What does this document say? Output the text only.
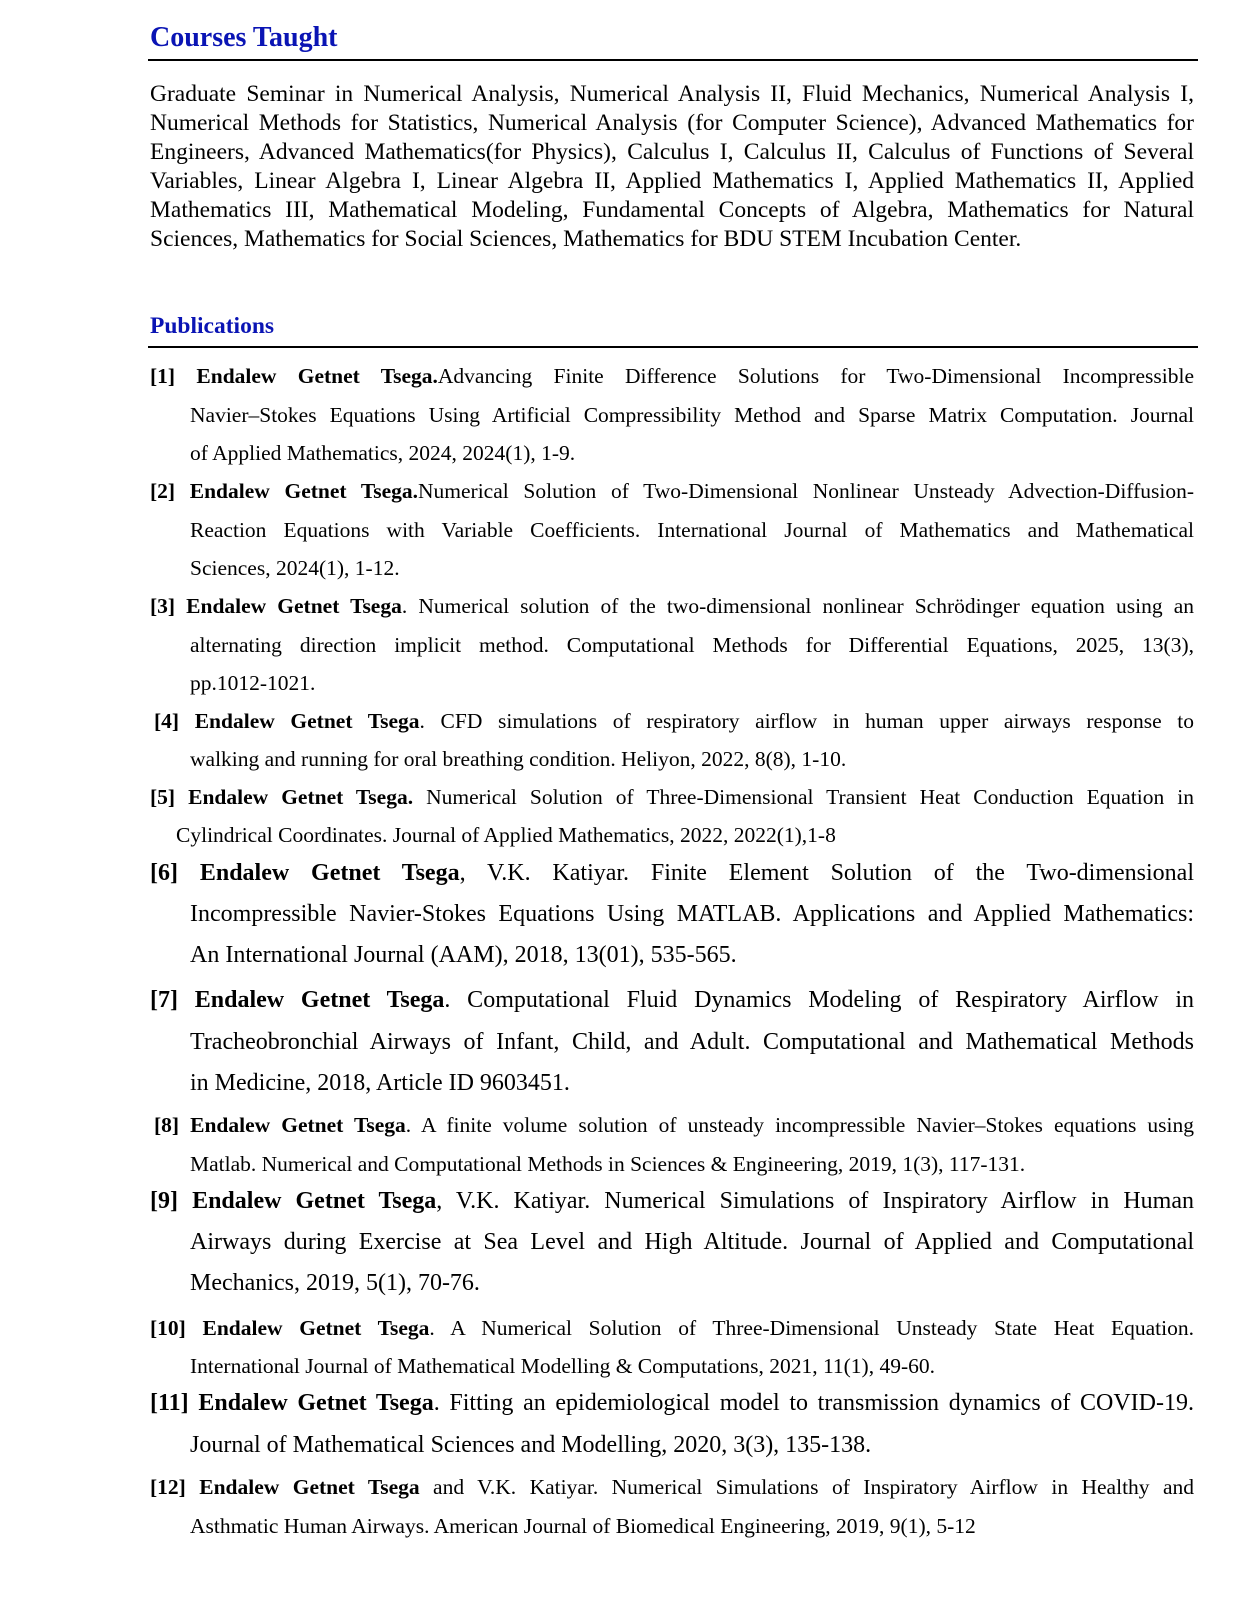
Courses Taught

Graduate Seminar in Numerical Analysis, Numerical Analysis II, Fluid Mechanics, Numerical Analysis I, Numerical Methods for Statistics, Numerical Analysis (for Computer Science), Advanced Mathematics for Engineers, Advanced Mathematics(for Physics), Calculus I, Calculus II, Calculus of Functions of Several Variables, Linear Algebra I, Linear Algebra II, Applied Mathematics I, Applied Mathematics II, Applied Mathematics III, Mathematical Modeling, Fundamental Concepts of Algebra, Mathematics for Natural Sciences, Mathematics for Social Sciences, Mathematics for BDU STEM Incubation Center.

Publications
[1] Endalew Getnet Tsega.Advancing Finite Difference Solutions for Two-Dimensional Incompressible
Navier–Stokes Equations Using Artificial Compressibility Method and Sparse Matrix Computation. Journal
of Applied Mathematics, 2024, 2024(1), 1-9.
[2] Endalew Getnet Tsega.Numerical Solution of Two-Dimensional Nonlinear Unsteady Advection-Diffusion-
Reaction Equations with Variable Coefficients. International Journal of Mathematics and Mathematical
Sciences, 2024(1), 1-12.
[3] Endalew Getnet Tsega. Numerical solution of the two-dimensional nonlinear Schrödinger equation using an
alternating direction implicit method. Computational Methods for Differential Equations, 2025, 13(3),
pp.1012-1021.
[4] Endalew Getnet Tsega. CFD simulations of respiratory airflow in human upper airways response to
walking and running for oral breathing condition. Heliyon, 2022, 8(8), 1-10.
[5] Endalew Getnet Tsega. Numerical Solution of Three-Dimensional Transient Heat Conduction Equation in
Cylindrical Coordinates. Journal of Applied Mathematics, 2022, 2022(1),1-8
[6] Endalew Getnet Tsega, V.K. Katiyar. Finite Element Solution of the Two-dimensional
Incompressible Navier-Stokes Equations Using MATLAB. Applications and Applied Mathematics:
An International Journal (AAM), 2018, 13(01), 535-565.
[7] Endalew Getnet Tsega. Computational Fluid Dynamics Modeling of Respiratory Airflow in
Tracheobronchial Airways of Infant, Child, and Adult. Computational and Mathematical Methods
in Medicine, 2018, Article ID 9603451.
[8] Endalew Getnet Tsega. A finite volume solution of unsteady incompressible Navier–Stokes equations using
Matlab. Numerical and Computational Methods in Sciences & Engineering, 2019, 1(3), 117-131.
[9] Endalew Getnet Tsega, V.K. Katiyar. Numerical Simulations of Inspiratory Airflow in Human
Airways during Exercise at Sea Level and High Altitude. Journal of Applied and Computational
Mechanics, 2019, 5(1), 70-76.
[10] Endalew Getnet Tsega. A Numerical Solution of Three-Dimensional Unsteady State Heat Equation.
International Journal of Mathematical Modelling & Computations, 2021, 11(1), 49-60.
[11] Endalew Getnet Tsega. Fitting an epidemiological model to transmission dynamics of COVID-19.
Journal of Mathematical Sciences and Modelling, 2020, 3(3), 135-138.
[12] Endalew Getnet Tsega and V.K. Katiyar. Numerical Simulations of Inspiratory Airflow in Healthy and
Asthmatic Human Airways. American Journal of Biomedical Engineering, 2019, 9(1), 5-12
